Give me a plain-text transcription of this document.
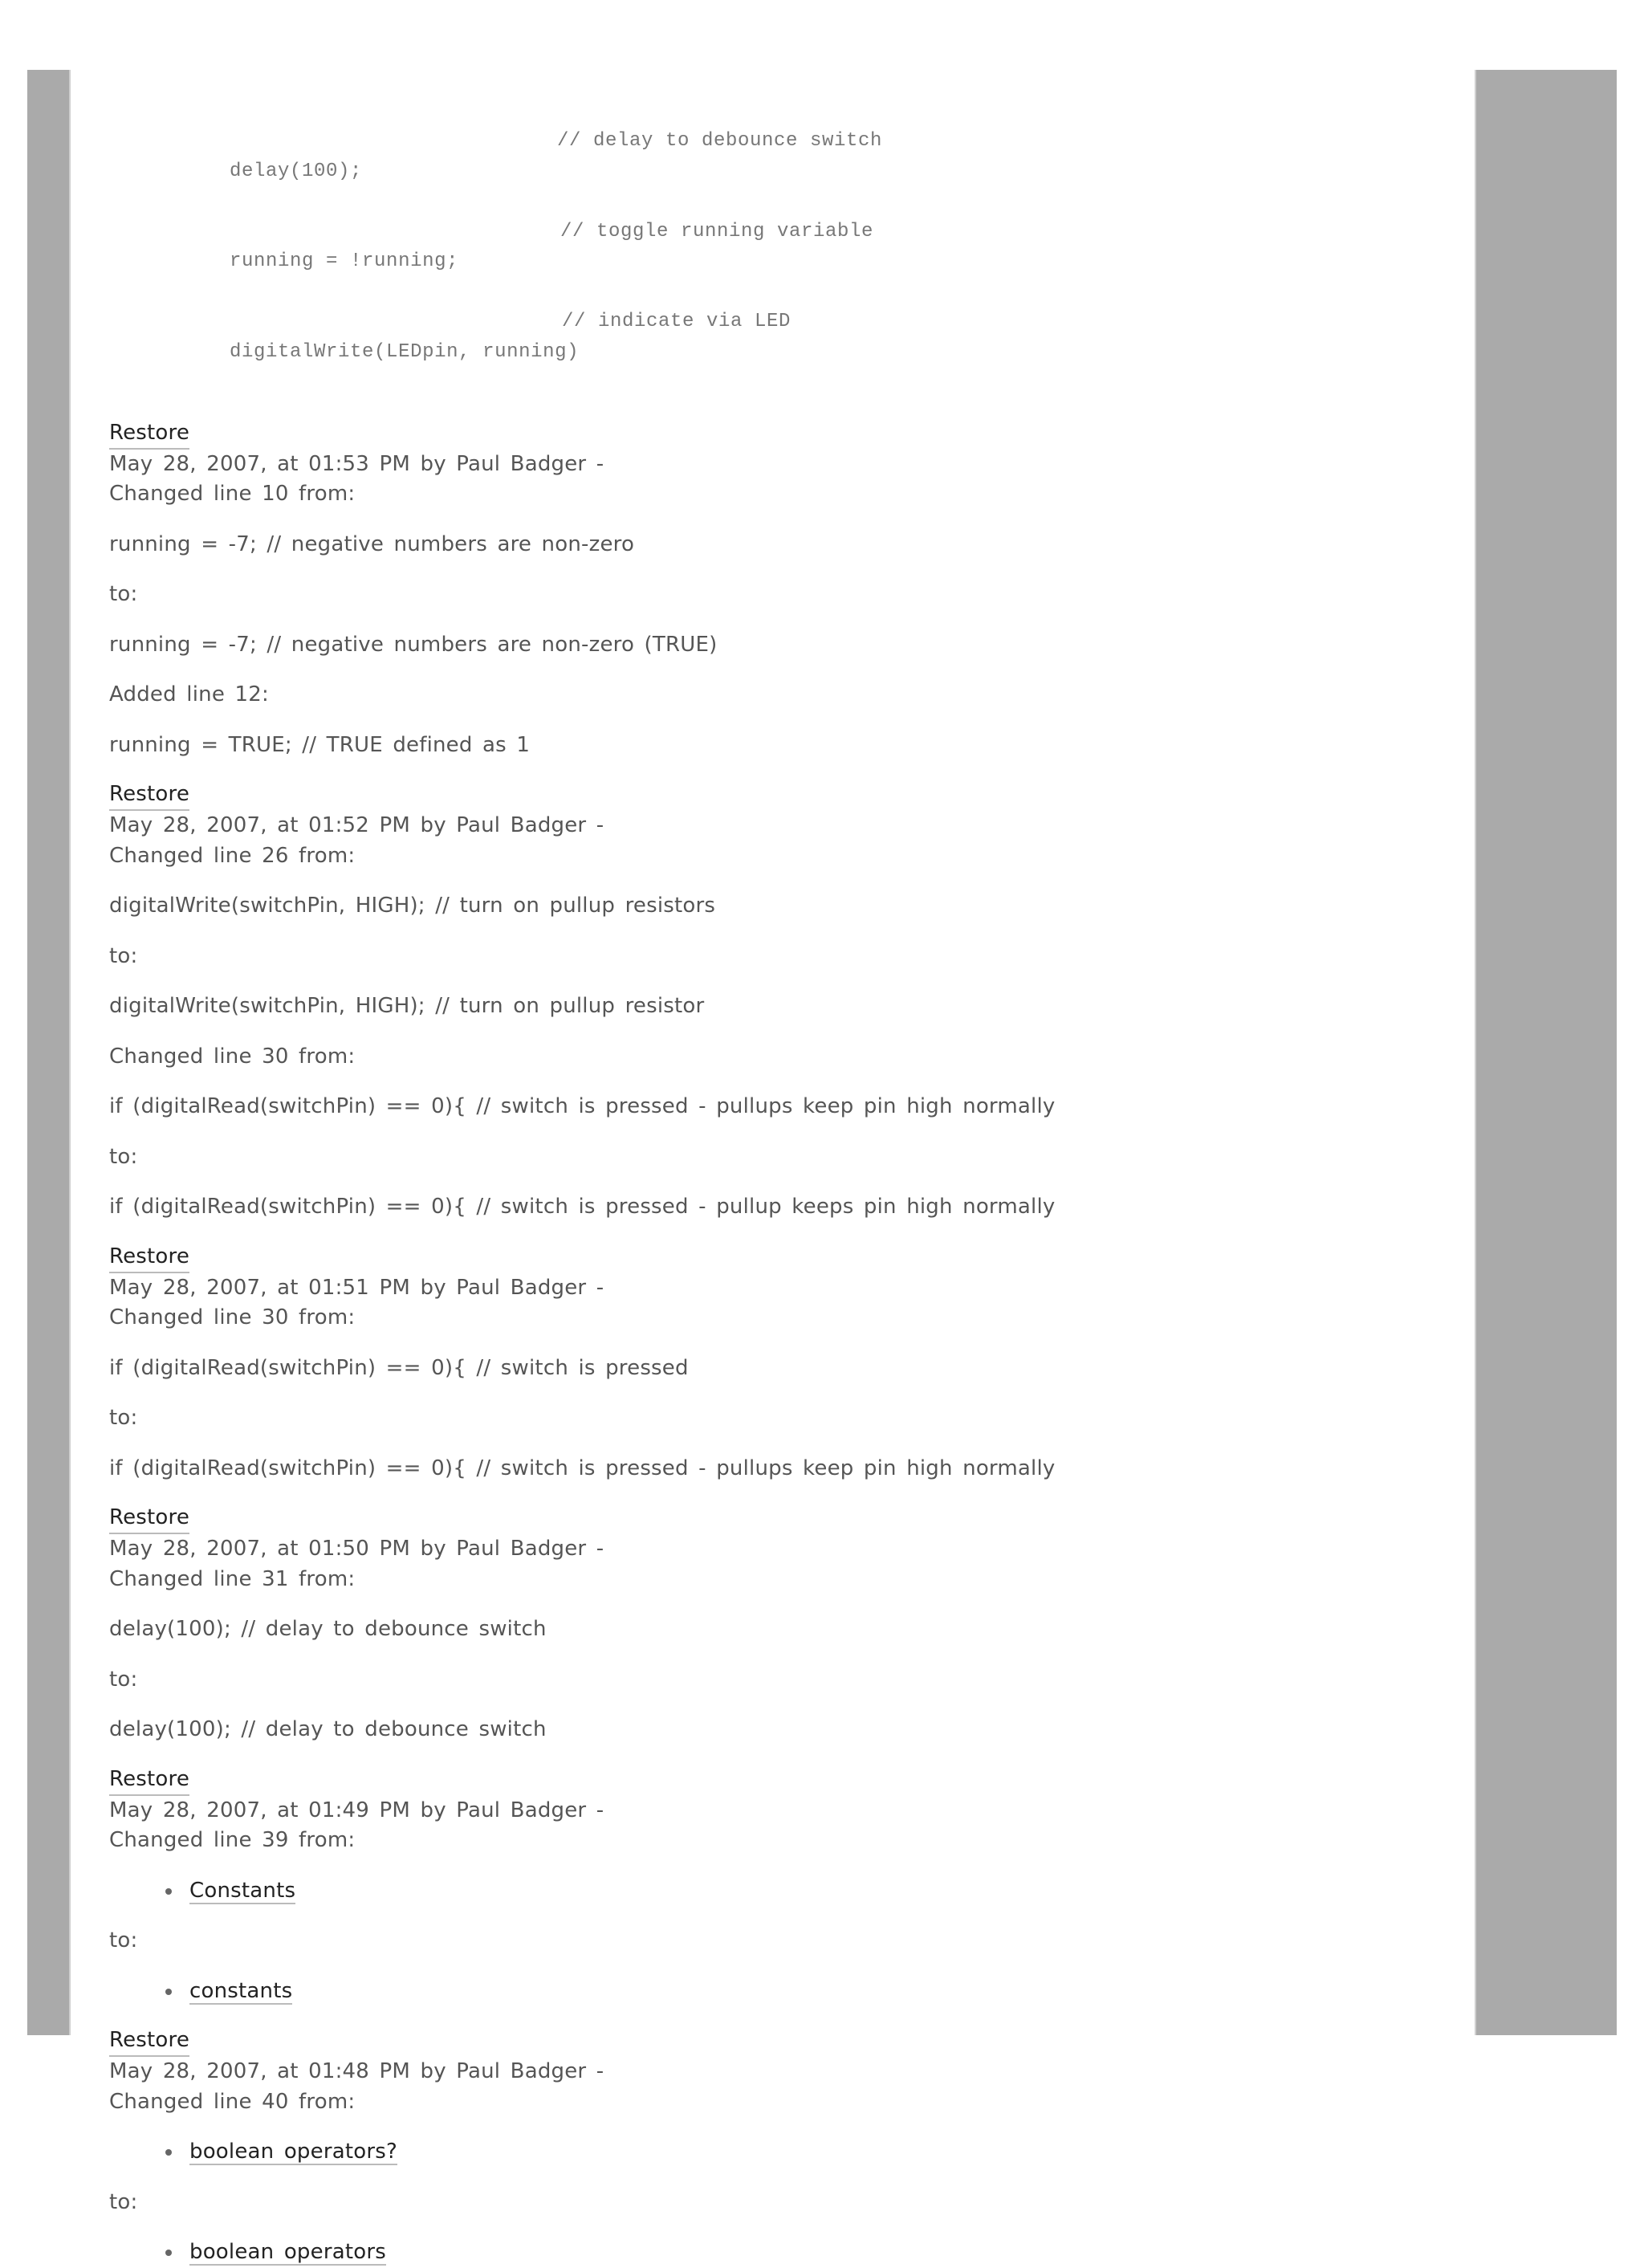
delay(100);

// delay to debounce switch

running = !running;

// toggle running variable

digitalWrite(LEDpin, running)

// indicate via LED

Restore
May 28, 2007, at 01:53 PM by Paul Badger -
Changed line 10 from:
running = -7; // negative numbers are non-zero
to:
running = -7; // negative numbers are non-zero (TRUE)
Added line 12:
running = TRUE; // TRUE defined as 1
Restore
May 28, 2007, at 01:52 PM by Paul Badger -
Changed line 26 from:
digitalWrite(switchPin, HIGH); // turn on pullup resistors
to:
digitalWrite(switchPin, HIGH); // turn on pullup resistor
Changed line 30 from:
if (digitalRead(switchPin) == 0){ // switch is pressed - pullups keep pin high normally
to:
if (digitalRead(switchPin) == 0){ // switch is pressed - pullup keeps pin high normally
Restore
May 28, 2007, at 01:51 PM by Paul Badger -
Changed line 30 from:
if (digitalRead(switchPin) == 0){ // switch is pressed
to:
if (digitalRead(switchPin) == 0){ // switch is pressed - pullups keep pin high normally
Restore
May 28, 2007, at 01:50 PM by Paul Badger -
Changed line 31 from:
delay(100); // delay to debounce switch
to:
delay(100); // delay to debounce switch
Restore
May 28, 2007, at 01:49 PM by Paul Badger -
Changed line 39 from:
Constants
to:
constants
Restore
May 28, 2007, at 01:48 PM by Paul Badger -
Changed line 40 from:
boolean operators?
to:
boolean operators
